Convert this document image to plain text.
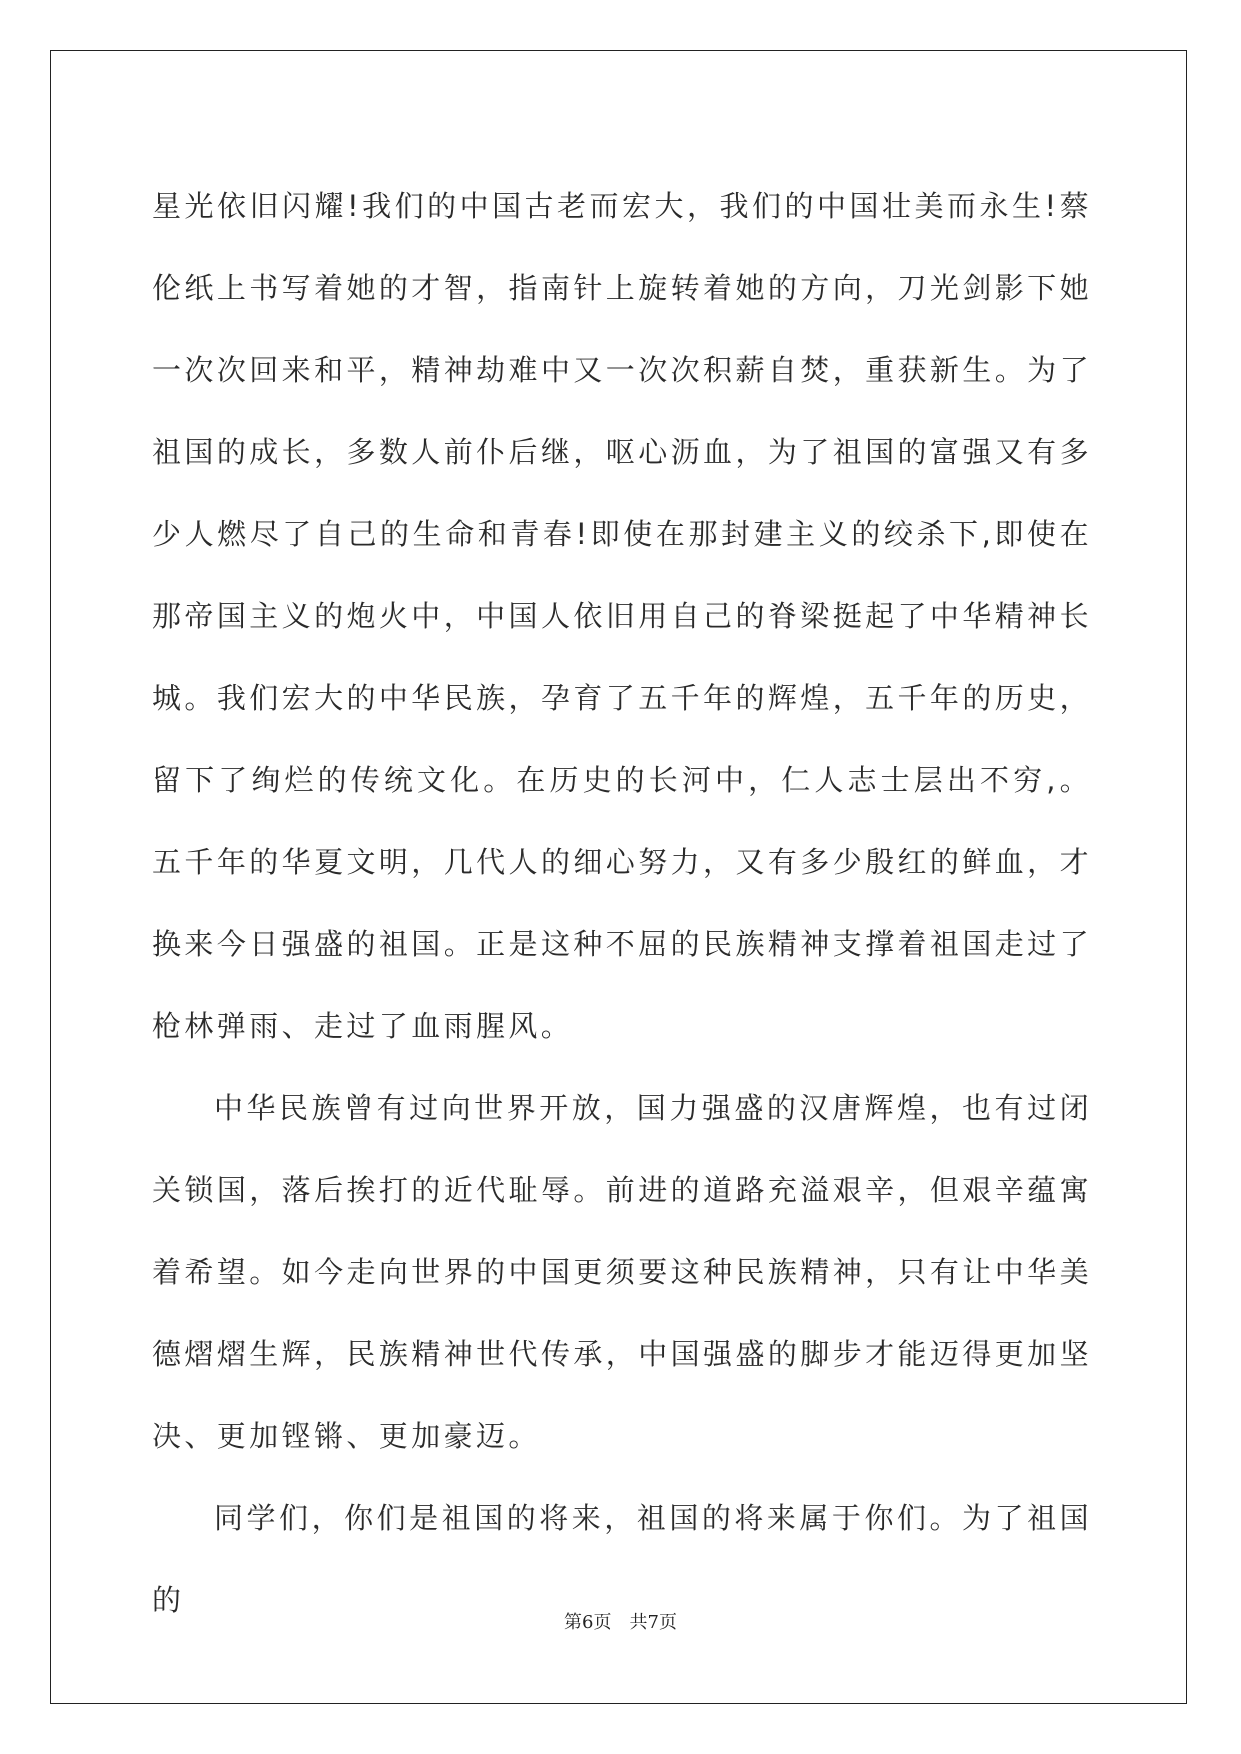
星光依旧闪耀!我们的中国古老而宏大，我们的中国壮美而永生!蔡伦纸上书写着她的才智，指南针上旋转着她的方向，刀光剑影下她一次次回来和平，精神劫难中又一次次积薪自焚，重获新生。为了祖国的成长，多数人前仆后继，呕心沥血，为了祖国的富强又有多少人燃尽了自己的生命和青春!即使在那封建主义的绞杀下,即使在那帝国主义的炮火中，中国人依旧用自己的脊梁挺起了中华精神长城。我们宏大的中华民族，孕育了五千年的辉煌，五千年的历史，留下了绚烂的传统文化。在历史的长河中，仁人志士层出不穷,。五千年的华夏文明，几代人的细心努力，又有多少殷红的鲜血，才换来今日强盛的祖国。正是这种不屈的民族精神支撑着祖国走过了枪林弹雨、走过了血雨腥风。

中华民族曾有过向世界开放，国力强盛的汉唐辉煌，也有过闭关锁国，落后挨打的近代耻辱。前进的道路充溢艰辛，但艰辛蕴寓着希望。如今走向世界的中国更须要这种民族精神，只有让中华美德熠熠生辉，民族精神世代传承，中国强盛的脚步才能迈得更加坚决、更加铿锵、更加豪迈。

同学们，你们是祖国的将来，祖国的将来属于你们。为了祖国的

第6页 共7页
